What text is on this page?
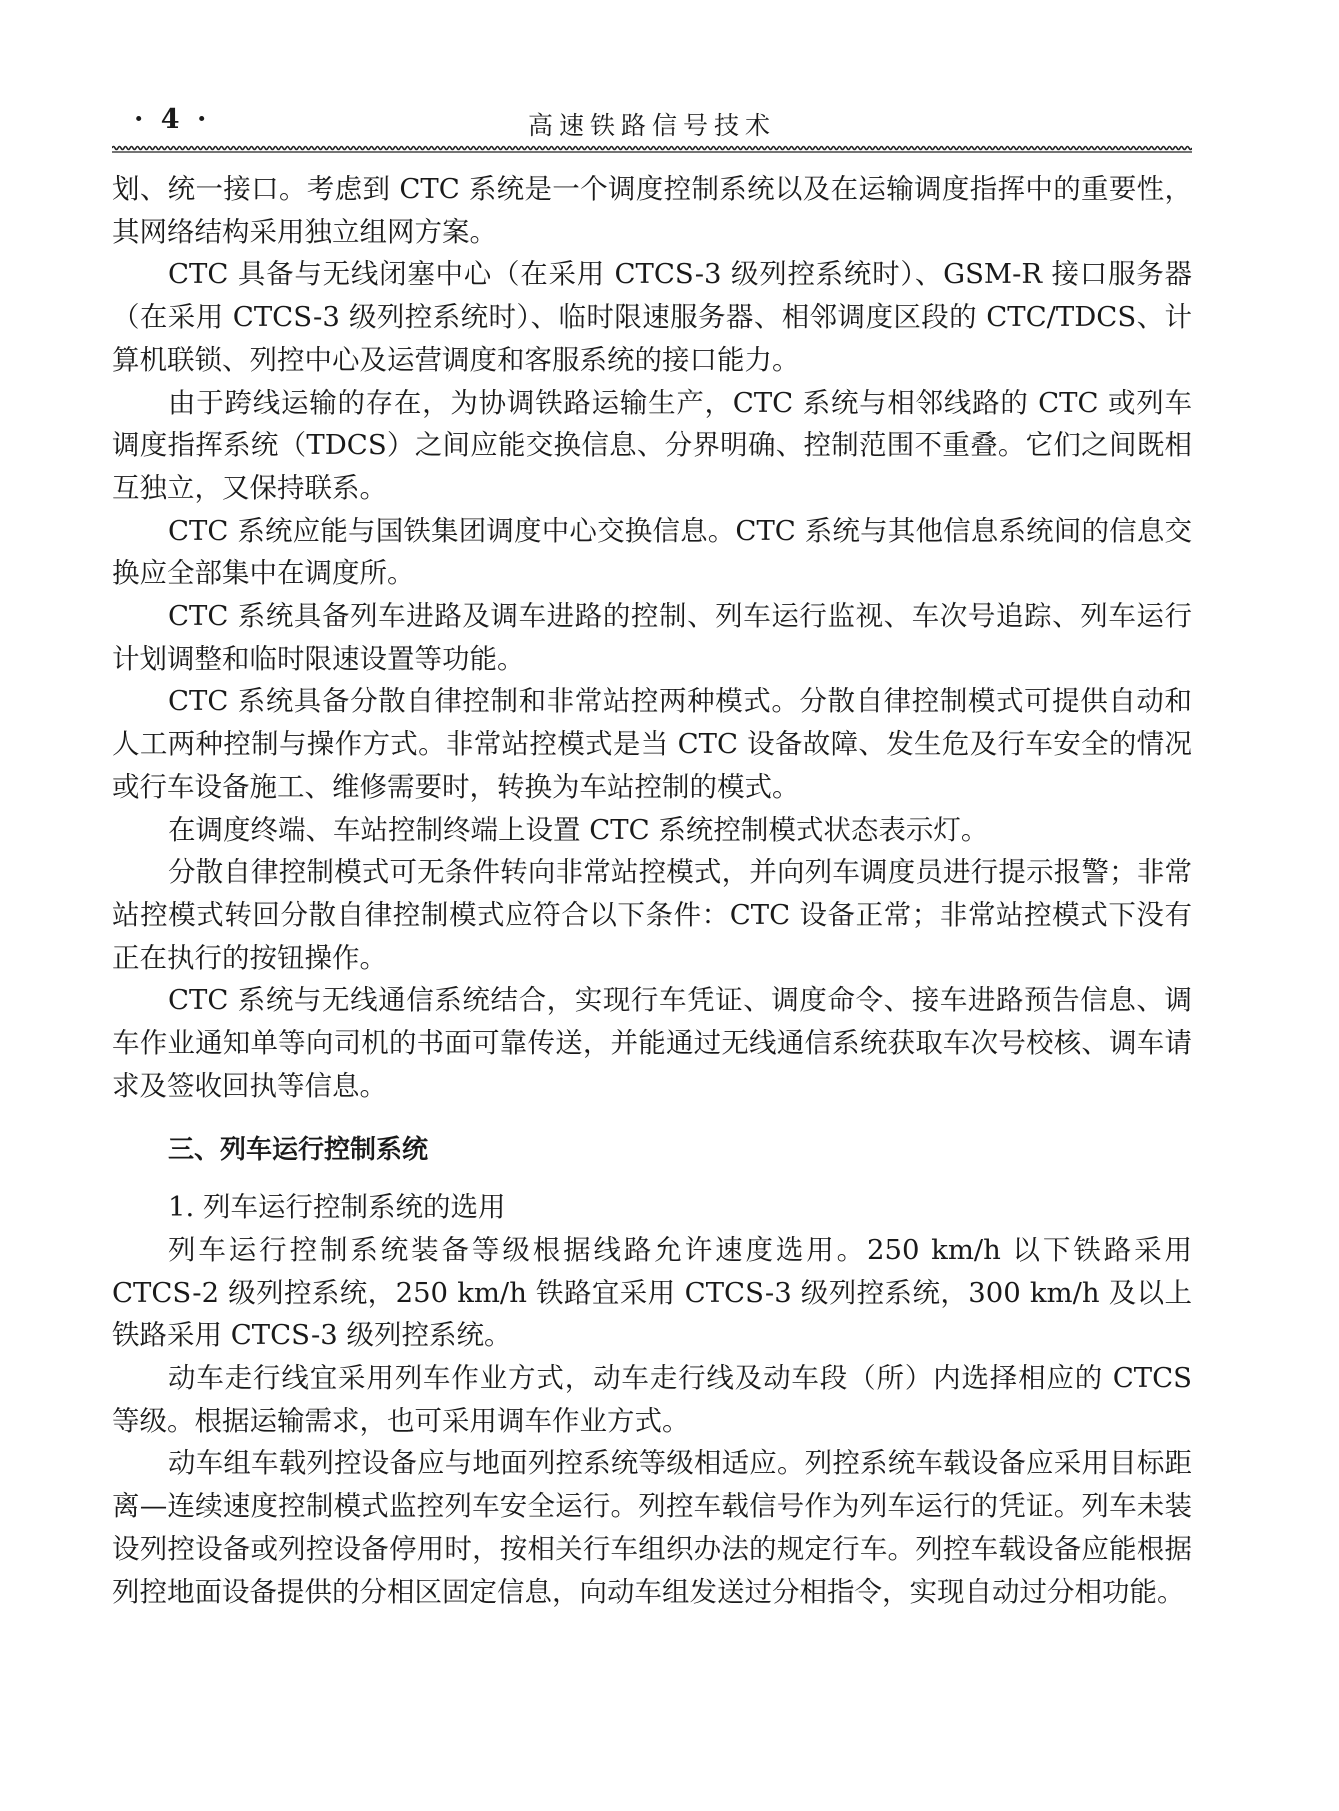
· 4 ·	高速铁路信号技术

划、统一接口。考虑到 CTC 系统是一个调度控制系统以及在运输调度指挥中的重要性，其网络结构采用独立组网方案。

CTC 具备与无线闭塞中心（在采用 CTCS-3 级列控系统时）、GSM-R 接口服务器（在采用 CTCS-3 级列控系统时）、临时限速服务器、相邻调度区段的 CTC/TDCS、计算机联锁、列控中心及运营调度和客服系统的接口能力。

由于跨线运输的存在，为协调铁路运输生产，CTC 系统与相邻线路的 CTC 或列车调度指挥系统（TDCS）之间应能交换信息、分界明确、控制范围不重叠。它们之间既相互独立，又保持联系。

CTC 系统应能与国铁集团调度中心交换信息。CTC 系统与其他信息系统间的信息交换应全部集中在调度所。

CTC 系统具备列车进路及调车进路的控制、列车运行监视、车次号追踪、列车运行计划调整和临时限速设置等功能。

CTC 系统具备分散自律控制和非常站控两种模式。分散自律控制模式可提供自动和人工两种控制与操作方式。非常站控模式是当 CTC 设备故障、发生危及行车安全的情况或行车设备施工、维修需要时，转换为车站控制的模式。

在调度终端、车站控制终端上设置 CTC 系统控制模式状态表示灯。

分散自律控制模式可无条件转向非常站控模式，并向列车调度员进行提示报警；非常站控模式转回分散自律控制模式应符合以下条件：CTC 设备正常；非常站控模式下没有正在执行的按钮操作。

CTC 系统与无线通信系统结合，实现行车凭证、调度命令、接车进路预告信息、调车作业通知单等向司机的书面可靠传送，并能通过无线通信系统获取车次号校核、调车请求及签收回执等信息。

三、列车运行控制系统

1. 列车运行控制系统的选用

列车运行控制系统装备等级根据线路允许速度选用。250 km/h 以下铁路采用 CTCS-2 级列控系统，250 km/h 铁路宜采用 CTCS-3 级列控系统，300 km/h 及以上铁路采用 CTCS-3 级列控系统。

动车走行线宜采用列车作业方式，动车走行线及动车段（所）内选择相应的 CTCS 等级。根据运输需求，也可采用调车作业方式。

动车组车载列控设备应与地面列控系统等级相适应。列控系统车载设备应采用目标距离—连续速度控制模式监控列车安全运行。列控车载信号作为列车运行的凭证。列车未装设列控设备或列控设备停用时，按相关行车组织办法的规定行车。列控车载设备应能根据列控地面设备提供的分相区固定信息，向动车组发送过分相指令，实现自动过分相功能。
